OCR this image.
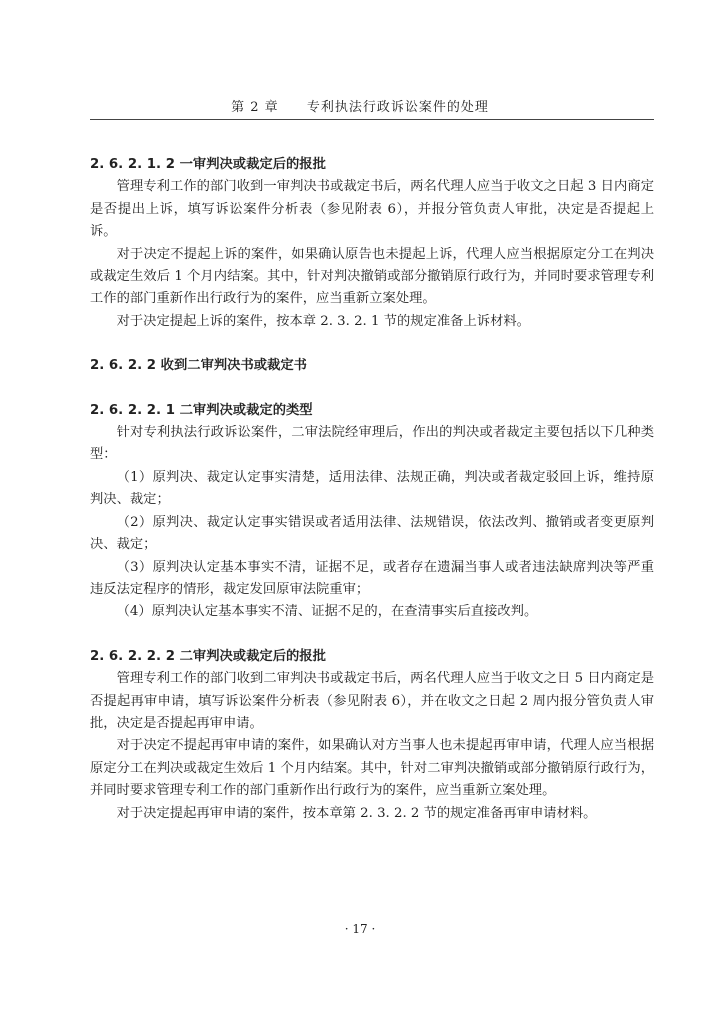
第 2 章 专利执法行政诉讼案件的处理
2. 6. 2. 1. 2 一审判决或裁定后的报批

管理专利工作的部门收到一审判决书或裁定书后，两名代理人应当于收文之日起 3 日内商定是否提出上诉，填写诉讼案件分析表（参见附表 6），并报分管负责人审批，决定是否提起上诉。

对于决定不提起上诉的案件，如果确认原告也未提起上诉，代理人应当根据原定分工在判决或裁定生效后 1 个月内结案。其中，针对判决撤销或部分撤销原行政行为，并同时要求管理专利工作的部门重新作出行政行为的案件，应当重新立案处理。

对于决定提起上诉的案件，按本章 2. 3. 2. 1 节的规定准备上诉材料。

2. 6. 2. 2 收到二审判决书或裁定书
2. 6. 2. 2. 1 二审判决或裁定的类型

针对专利执法行政诉讼案件，二审法院经审理后，作出的判决或者裁定主要包括以下几种类型：

（1）原判决、裁定认定事实清楚，适用法律、法规正确，判决或者裁定驳回上诉，维持原判决、裁定；

（2）原判决、裁定认定事实错误或者适用法律、法规错误，依法改判、撤销或者变更原判决、裁定；

（3）原判决认定基本事实不清，证据不足，或者存在遗漏当事人或者违法缺席判决等严重违反法定程序的情形，裁定发回原审法院重审；

（4）原判决认定基本事实不清、证据不足的，在查清事实后直接改判。

2. 6. 2. 2. 2 二审判决或裁定后的报批

管理专利工作的部门收到二审判决书或裁定书后，两名代理人应当于收文之日 5 日内商定是否提起再审申请，填写诉讼案件分析表（参见附表 6），并在收文之日起 2 周内报分管负责人审批，决定是否提起再审申请。

对于决定不提起再审申请的案件，如果确认对方当事人也未提起再审申请，代理人应当根据原定分工在判决或裁定生效后 1 个月内结案。其中，针对二审判决撤销或部分撤销原行政行为，并同时要求管理专利工作的部门重新作出行政行为的案件，应当重新立案处理。

对于决定提起再审申请的案件，按本章第 2. 3. 2. 2 节的规定准备再审申请材料。

· 17 ·
